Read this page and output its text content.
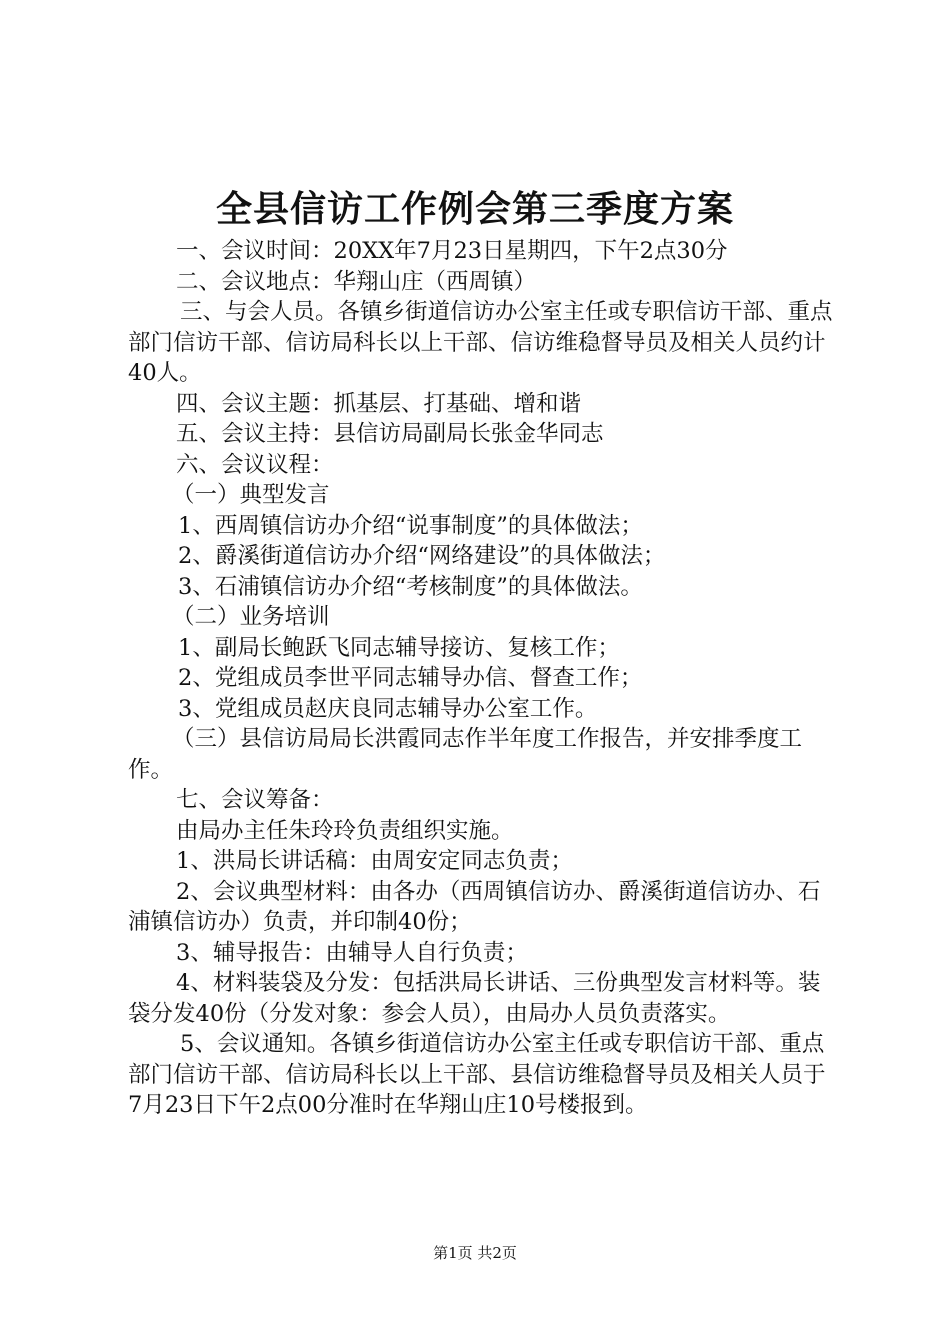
全县信访工作例会第三季度方案

一、会议时间：20XX年7月23日星期四，下午2点30分

二、会议地点：华翔山庄（西周镇）

三、与会人员。各镇乡街道信访办公室主任或专职信访干部、重点部门信访干部、信访局科长以上干部、信访维稳督导员及相关人员约计40人。

四、会议主题：抓基层、打基础、增和谐

五、会议主持：县信访局副局长张金华同志

六、会议议程：

（一）典型发言

1、西周镇信访办介绍“说事制度”的具体做法；

2、爵溪街道信访办介绍“网络建设”的具体做法；

3、石浦镇信访办介绍“考核制度”的具体做法。

（二）业务培训

1、副局长鲍跃飞同志辅导接访、复核工作；

2、党组成员李世平同志辅导办信、督查工作；

3、党组成员赵庆良同志辅导办公室工作。

（三）县信访局局长洪霞同志作半年度工作报告，并安排季度工作。

七、会议筹备：

由局办主任朱玲玲负责组织实施。

1、洪局长讲话稿：由周安定同志负责；

2、会议典型材料：由各办（西周镇信访办、爵溪街道信访办、石浦镇信访办）负责，并印制40份；

3、辅导报告：由辅导人自行负责；

4、材料装袋及分发：包括洪局长讲话、三份典型发言材料等。装袋分发40份（分发对象：参会人员），由局办人员负责落实。

5、会议通知。各镇乡街道信访办公室主任或专职信访干部、重点部门信访干部、信访局科长以上干部、县信访维稳督导员及相关人员于7月23日下午2点00分准时在华翔山庄10号楼报到。

第1页 共2页
